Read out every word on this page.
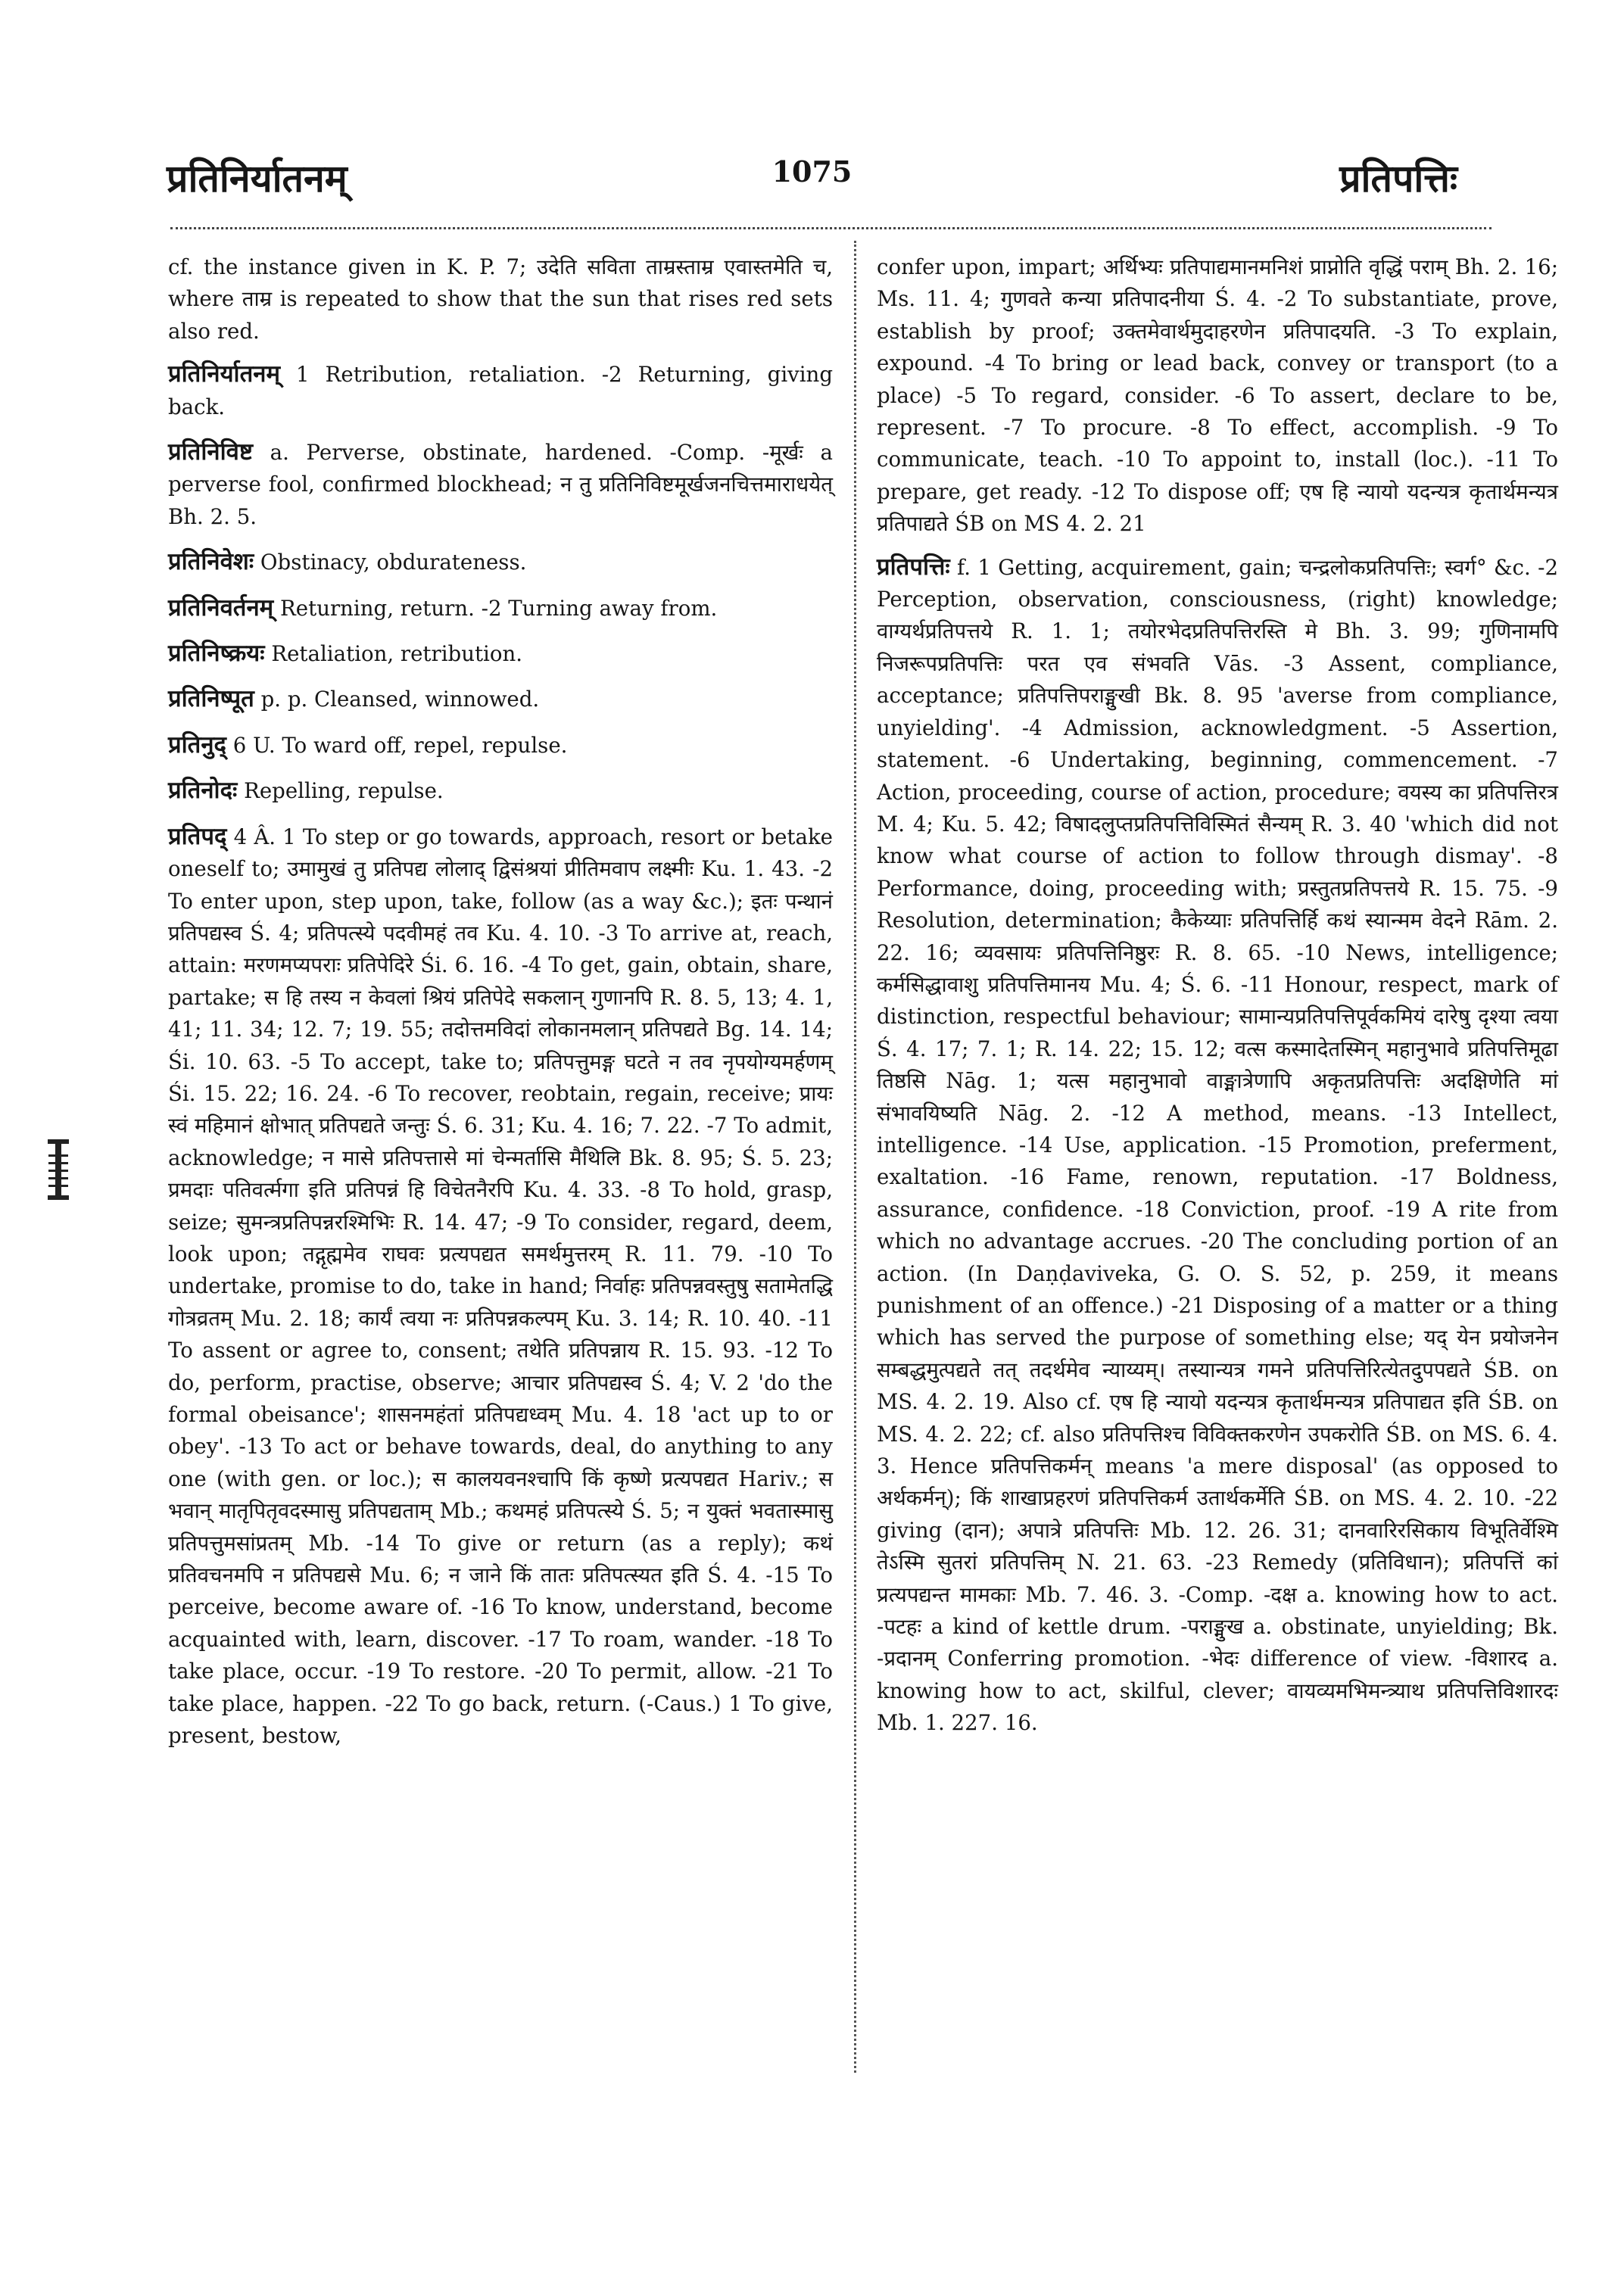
प्रतिनिर्यातनम्	1075	प्रतिपत्तिः

cf. the instance given in K. P. 7; उदेति सविता ताम्रस्ताम्र एवास्तमेति च, where ताम्र is repeated to show that the sun that rises red sets also red.

प्रतिनिर्यातनम् 1 Retribution, retaliation. -2 Returning, giving back.

प्रतिनिविष्ट a. Perverse, obstinate, hardened. -Comp. -मूर्खः a perverse fool, confirmed blockhead; न तु प्रतिनिविष्टमूर्खजनचित्तमाराधयेत् Bh. 2. 5.

प्रतिनिवेशः Obstinacy, obdurateness.

प्रतिनिवर्तनम् Returning, return. -2 Turning away from.

प्रतिनिष्क्रयः Retaliation, retribution.

प्रतिनिष्पूत p. p. Cleansed, winnowed.

प्रतिनुद् 6 U. To ward off, repel, repulse.

प्रतिनोदः Repelling, repulse.

प्रतिपद् 4 Â. 1 To step or go towards, approach, resort or betake oneself to; उमामुखं तु प्रतिपद्य लोलाद् द्विसंश्रयां प्रीतिमवाप लक्ष्मीः Ku. 1. 43. -2 To enter upon, step upon, take, follow (as a way &c.); इतः पन्थानं प्रतिपद्यस्व Ś. 4; प्रतिपत्स्ये पदवीमहं तव Ku. 4. 10. -3 To arrive at, reach, attain: मरणमप्यपराः प्रतिपेदिरे Śi. 6. 16. -4 To get, gain, obtain, share, partake; स हि तस्य न केवलां श्रियं प्रतिपेदे सकलान् गुणानपि R. 8. 5, 13; 4. 1, 41; 11. 34; 12. 7; 19. 55; तदोत्तमविदां लोकानमलान् प्रतिपद्यते Bg. 14. 14; Śi. 10. 63. -5 To accept, take to; प्रतिपत्तुमङ्ग घटते न तव नृपयोग्यमर्हणम् Śi. 15. 22; 16. 24. -6 To recover, reobtain, regain, receive; प्रायः स्वं महिमानं क्षोभात् प्रतिपद्यते जन्तुः Ś. 6. 31; Ku. 4. 16; 7. 22. -7 To admit, acknowledge; न मासे प्रतिपत्तासे मां चेन्मर्तासि मैथिलि Bk. 8. 95; Ś. 5. 23; प्रमदाः पतिवर्त्मगा इति प्रतिपन्नं हि विचेतनैरपि Ku. 4. 33. -8 To hold, grasp, seize; सुमन्त्रप्रतिपन्नरश्मिभिः R. 14. 47; -9 To consider, regard, deem, look upon; तद्गृह्ममेव राघवः प्रत्यपद्यत समर्थमुत्तरम् R. 11. 79. -10 To undertake, promise to do, take in hand; निर्वाहः प्रतिपन्नवस्तुषु सतामेतद्धि गोत्रव्रतम् Mu. 2. 18; कार्यं त्वया नः प्रतिपन्नकल्पम् Ku. 3. 14; R. 10. 40. -11 To assent or agree to, consent; तथेति प्रतिपन्नाय R. 15. 93. -12 To do, perform, practise, observe; आचार प्रतिपद्यस्व Ś. 4; V. 2 'do the formal obeisance'; शासनमहंतां प्रतिपद्यध्वम् Mu. 4. 18 'act up to or obey'. -13 To act or behave towards, deal, do anything to any one (with gen. or loc.); स कालयवनश्चापि किं कृष्णे प्रत्यपद्यत Hariv.; स भवान् मातृपितृवदस्मासु प्रतिपद्यताम् Mb.; कथमहं प्रतिपत्स्ये Ś. 5; न युक्तं भवतास्मासु प्रतिपत्तुमसांप्रतम् Mb. -14 To give or return (as a reply); कथं प्रतिवचनमपि न प्रतिपद्यसे Mu. 6; न जाने किं तातः प्रतिपत्स्यत इति Ś. 4. -15 To perceive, become aware of. -16 To know, understand, become acquainted with, learn, discover. -17 To roam, wander. -18 To take place, occur. -19 To restore. -20 To permit, allow. -21 To take place, happen. -22 To go back, return. (-Caus.) 1 To give, present, bestow,

confer upon, impart; अर्थिभ्यः प्रतिपाद्यमानमनिशं प्राप्नोति वृद्धिं पराम् Bh. 2. 16; Ms. 11. 4; गुणवते कन्या प्रतिपादनीया Ś. 4. -2 To substantiate, prove, establish by proof; उक्तमेवार्थमुदाहरणेन प्रतिपादयति. -3 To explain, expound. -4 To bring or lead back, convey or transport (to a place) -5 To regard, consider. -6 To assert, declare to be, represent. -7 To procure. -8 To effect, accomplish. -9 To communicate, teach. -10 To appoint to, install (loc.). -11 To prepare, get ready. -12 To dispose off; एष हि न्यायो यदन्यत्र कृतार्थमन्यत्र प्रतिपाद्यते ŚB on MS 4. 2. 21

प्रतिपत्तिः f. 1 Getting, acquirement, gain; चन्द्रलोकप्रतिपत्तिः; स्वर्ग° &c. -2 Perception, observation, consciousness, (right) knowledge; वाग्यर्थप्रतिपत्तये R. 1. 1; तयोरभेदप्रतिपत्तिरस्ति मे Bh. 3. 99; गुणिनामपि निजरूपप्रतिपत्तिः परत एव संभवति Vās. -3 Assent, compliance, acceptance; प्रतिपत्तिपराङ्मुखी Bk. 8. 95 'averse from compliance, unyielding'. -4 Admission, acknowledgment. -5 Assertion, statement. -6 Undertaking, beginning, commencement. -7 Action, proceeding, course of action, procedure; वयस्य का प्रतिपत्तिरत्र M. 4; Ku. 5. 42; विषादलुप्तप्रतिपत्तिविस्मितं सैन्यम् R. 3. 40 'which did not know what course of action to follow through dismay'. -8 Performance, doing, proceeding with; प्रस्तुतप्रतिपत्तये R. 15. 75. -9 Resolution, determination; कैकेय्याः प्रतिपत्तिर्हि कथं स्यान्मम वेदने Rām. 2. 22. 16; व्यवसायः प्रतिपत्तिनिष्ठुरः R. 8. 65. -10 News, intelligence; कर्मसिद्धावाशु प्रतिपत्तिमानय Mu. 4; Ś. 6. -11 Honour, respect, mark of distinction, respectful behaviour; सामान्यप्रतिपत्तिपूर्वकमियं दारेषु दृश्या त्वया Ś. 4. 17; 7. 1; R. 14. 22; 15. 12; वत्स कस्मादेतस्मिन् महानुभावे प्रतिपत्तिमूढा तिष्ठसि Nāg. 1; यत्स महानुभावो वाङ्मात्रेणापि अकृतप्रतिपत्तिः अदक्षिणेति मां संभावयिष्यति Nāg. 2. -12 A method, means. -13 Intellect, intelligence. -14 Use, application. -15 Promotion, preferment, exaltation. -16 Fame, renown, reputation. -17 Boldness, assurance, confidence. -18 Conviction, proof. -19 A rite from which no advantage accrues. -20 The concluding portion of an action. (In Daṇḍaviveka, G. O. S. 52, p. 259, it means punishment of an offence.) -21 Disposing of a matter or a thing which has served the purpose of something else; यद् येन प्रयोजनेन सम्बद्धमुत्पद्यते तत् तदर्थमेव न्याय्यम्। तस्यान्यत्र गमने प्रतिपत्तिरित्येतदुपपद्यते ŚB. on MS. 4. 2. 19. Also cf. एष हि न्यायो यदन्यत्र कृतार्थमन्यत्र प्रतिपाद्यत इति ŚB. on MS. 4. 2. 22; cf. also प्रतिपत्तिश्च विविक्तकरणेन उपकरोति ŚB. on MS. 6. 4. 3. Hence प्रतिपत्तिकर्मन् means 'a mere disposal' (as opposed to अर्थकर्मन्); किं शाखाप्रहरणं प्रतिपत्तिकर्म उतार्थकर्मेति ŚB. on MS. 4. 2. 10. -22 giving (दान); अपात्रे प्रतिपत्तिः Mb. 12. 26. 31; दानवारिरसिकाय विभूतिर्वेश्मि तेऽस्मि सुतरां प्रतिपत्तिम् N. 21. 63. -23 Remedy (प्रतिविधान); प्रतिपत्तिं कां प्रत्यपद्यन्त मामकाः Mb. 7. 46. 3. -Comp. -दक्ष a. knowing how to act. -पटहः a kind of kettle drum. -पराङ्मुख a. obstinate, unyielding; Bk. -प्रदानम् Conferring promotion. -भेदः difference of view. -विशारद a. knowing how to act, skilful, clever; वायव्यमभिमन्त्र्याथ प्रतिपत्तिविशारदः Mb. 1. 227. 16.
